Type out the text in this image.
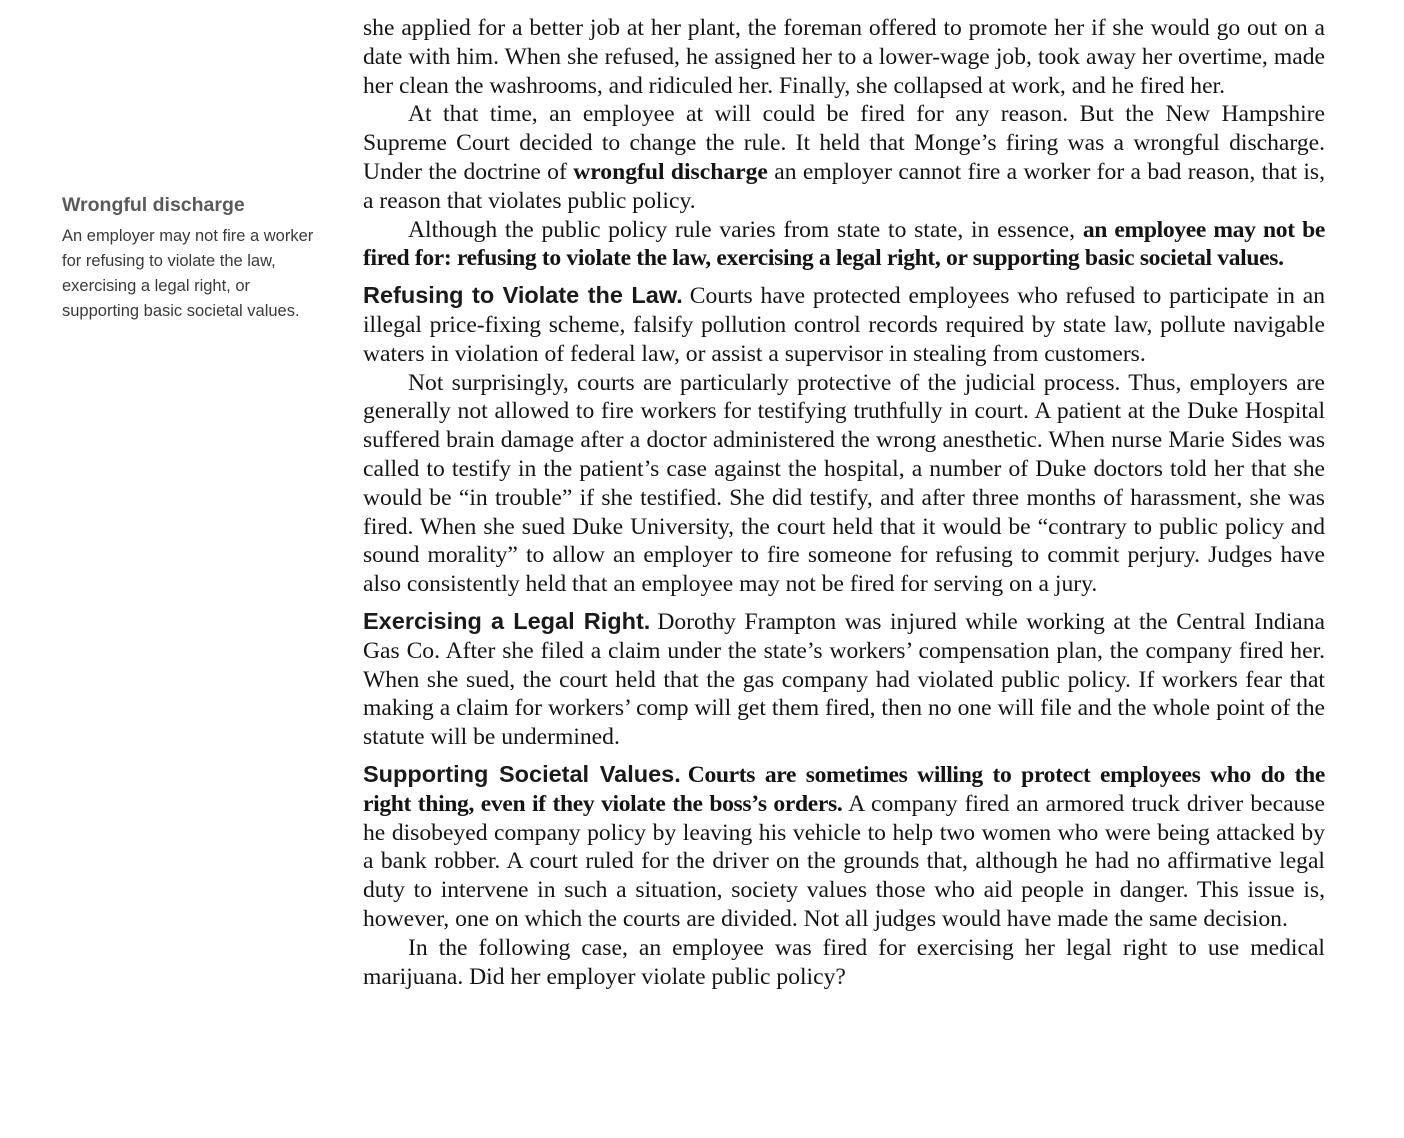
Wrongful discharge

An employer may not fire a worker for refusing to violate the law, exercising a legal right, or supporting basic societal values.

she applied for a better job at her plant, the foreman offered to promote her if she would go out on a date with him. When she refused, he assigned her to a lower-wage job, took away her overtime, made her clean the washrooms, and ridiculed her. Finally, she collapsed at work, and he fired her.

At that time, an employee at will could be fired for any reason. But the New Hampshire Supreme Court decided to change the rule. It held that Monge’s firing was a wrongful discharge. Under the doctrine of wrongful discharge an employer cannot fire a worker for a bad reason, that is, a reason that violates public policy.

Although the public policy rule varies from state to state, in essence, an employee may not be fired for: refusing to violate the law, exercising a legal right, or supporting basic societal values.

Refusing to Violate the Law. Courts have protected employees who refused to participate in an illegal price-fixing scheme, falsify pollution control records required by state law, pollute navigable waters in violation of federal law, or assist a supervisor in stealing from customers.

Not surprisingly, courts are particularly protective of the judicial process. Thus, employers are generally not allowed to fire workers for testifying truthfully in court. A patient at the Duke Hospital suffered brain damage after a doctor administered the wrong anesthetic. When nurse Marie Sides was called to testify in the patient’s case against the hospital, a number of Duke doctors told her that she would be “in trouble” if she testified. She did testify, and after three months of harassment, she was fired. When she sued Duke University, the court held that it would be “contrary to public policy and sound morality” to allow an employer to fire someone for refusing to commit perjury. Judges have also consistently held that an employee may not be fired for serving on a jury.

Exercising a Legal Right. Dorothy Frampton was injured while working at the Central Indiana Gas Co. After she filed a claim under the state’s workers’ compensation plan, the company fired her. When she sued, the court held that the gas company had violated public policy. If workers fear that making a claim for workers’ comp will get them fired, then no one will file and the whole point of the statute will be undermined.

Supporting Societal Values. Courts are sometimes willing to protect employees who do the right thing, even if they violate the boss’s orders. A company fired an armored truck driver because he disobeyed company policy by leaving his vehicle to help two women who were being attacked by a bank robber. A court ruled for the driver on the grounds that, although he had no affirmative legal duty to intervene in such a situation, society values those who aid people in danger. This issue is, however, one on which the courts are divided. Not all judges would have made the same decision.

In the following case, an employee was fired for exercising her legal right to use medical marijuana. Did her employer violate public policy?
